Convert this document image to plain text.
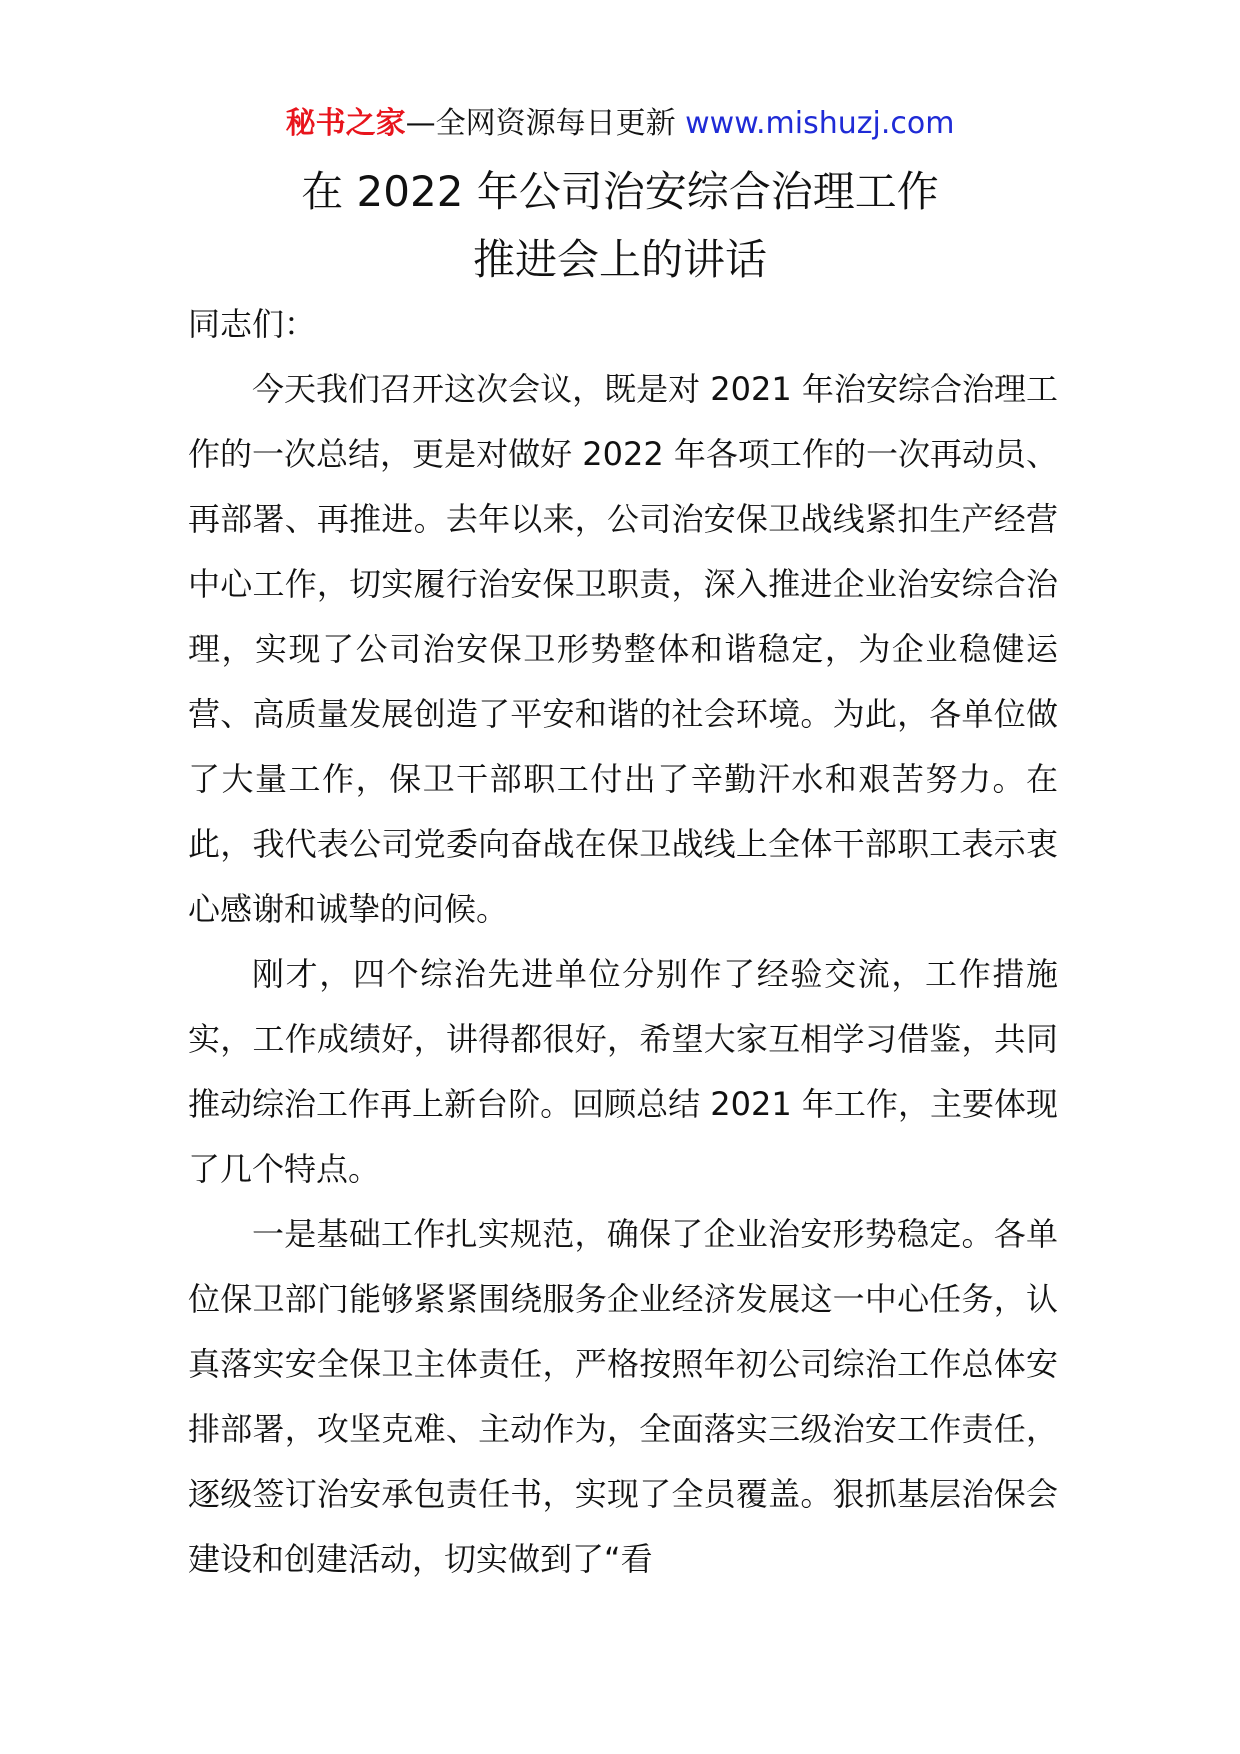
秘书之家—全网资源每日更新 www.mishuzj.com
在 2022 年公司治安综合治理工作
推进会上的讲话

同志们：

今天我们召开这次会议，既是对 2021 年治安综合治理工作的一次总结，更是对做好 2022 年各项工作的一次再动员、再部署、再推进。去年以来，公司治安保卫战线紧扣生产经营中心工作，切实履行治安保卫职责，深入推进企业治安综合治理，实现了公司治安保卫形势整体和谐稳定，为企业稳健运营、高质量发展创造了平安和谐的社会环境。为此，各单位做了大量工作，保卫干部职工付出了辛勤汗水和艰苦努力。在此，我代表公司党委向奋战在保卫战线上全体干部职工表示衷心感谢和诚挚的问候。

刚才，四个综治先进单位分别作了经验交流，工作措施实，工作成绩好，讲得都很好，希望大家互相学习借鉴，共同推动综治工作再上新台阶。回顾总结 2021 年工作，主要体现了几个特点。

一是基础工作扎实规范，确保了企业治安形势稳定。各单位保卫部门能够紧紧围绕服务企业经济发展这一中心任务，认真落实安全保卫主体责任，严格按照年初公司综治工作总体安排部署，攻坚克难、主动作为，全面落实三级治安工作责任，逐级签订治安承包责任书，实现了全员覆盖。狠抓基层治保会建设和创建活动，切实做到了“看
